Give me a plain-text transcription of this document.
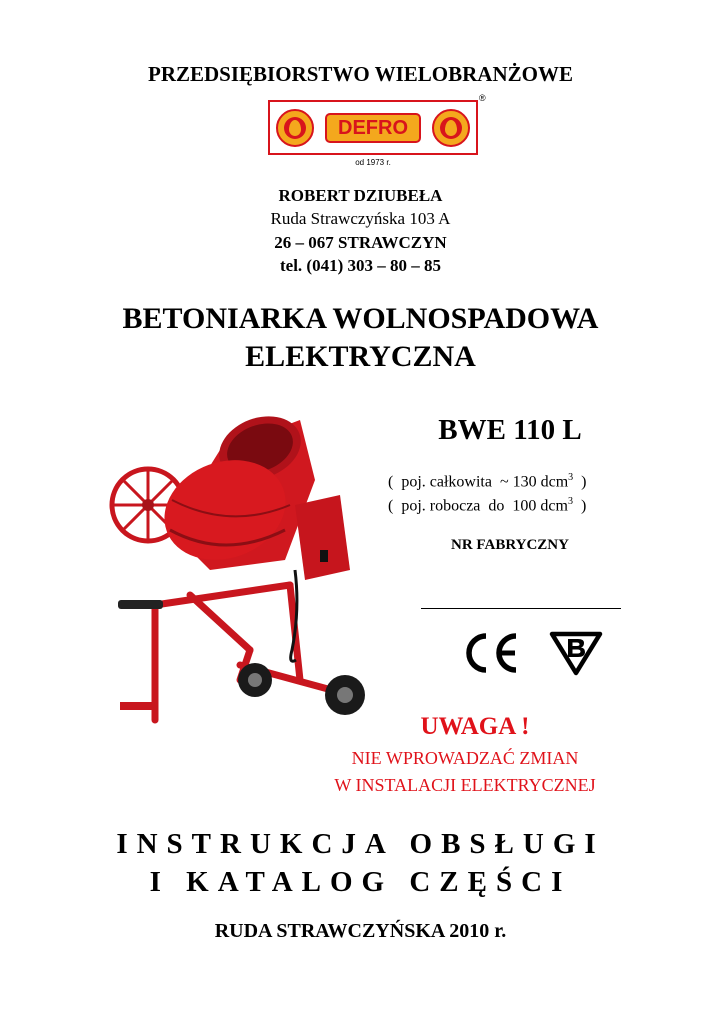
PRZEDSIĘBIORSTWO WIELOBRANŻOWE
DEFRO
®
od 1973 r.
ROBERT DZIUBEŁA
Ruda Strawczyńska 103 A
26 – 067 STRAWCZYN
tel. (041) 303 – 80 – 85
BETONIARKA WOLNOSPADOWA
ELEKTRYCZNA
BWE 110 L
(  poj. całkowita  ~ 130 dcm$^3$  )
(  poj. robocza  do  100 dcm$^3$  )
NR FABRYCZNY
UWAGA !
NIE WPROWADZAĆ ZMIAN
W INSTALACJI ELEKTRYCZNEJ
INSTRUKCJA OBSŁUGI
I KATALOG CZĘŚCI
RUDA STRAWCZYŃSKA 2010 r.
